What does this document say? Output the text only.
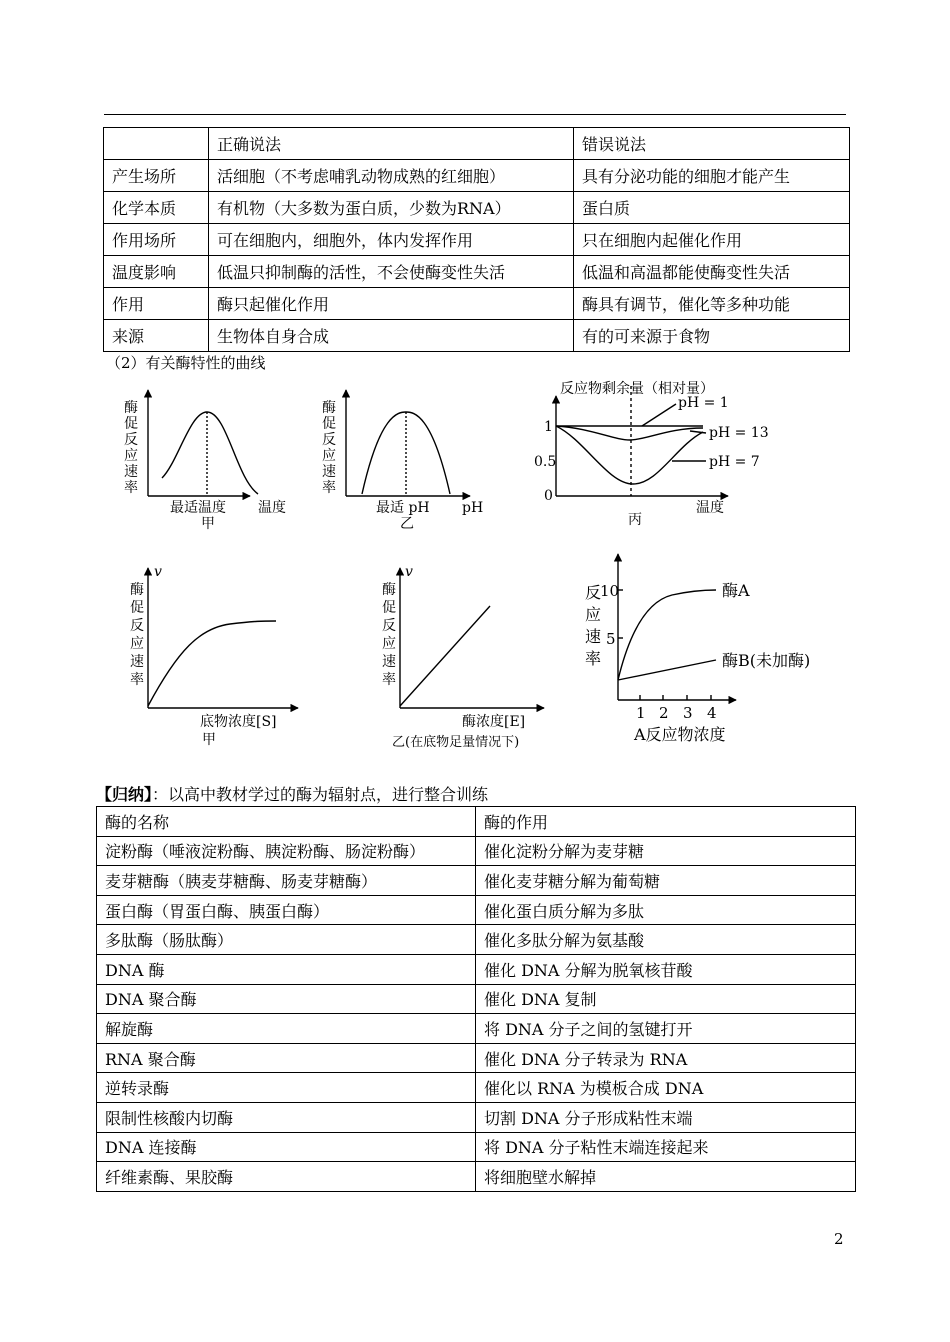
	正确说法	错误说法
产生场所	活细胞（不考虑哺乳动物成熟的红细胞）	具有分泌功能的细胞才能产生
化学本质	有机物（大多数为蛋白质，少数为RNA）	蛋白质
作用场所	可在细胞内，细胞外，体内发挥作用	只在细胞内起催化作用
温度影响	低温只抑制酶的活性，不会使酶变性失活	低温和高温都能使酶变性失活
作用	酶只起催化作用	酶具有调节，催化等多种功能
来源	生物体自身合成	有的可来源于食物
（2）有关酶特性的曲线
酶
促
反
应
速
率
最适温度 温度
甲
酶
促
反
应
速
率
最适 pH pH
乙
反应物剩余量（相对量）
1
0.5
0
pH = 1
pH = 13
pH = 7
温度
丙
v
酶
促
反
应
速
率
底物浓度[S]
甲
v
酶
促
反
应
速
率
酶浓度[E]
乙(在底物足量情况下)
反
应
速
率
10
5
1 2 3 4
A反应物浓度
酶A
酶B(未加酶)
【归纳】：以高中教材学过的酶为辐射点，进行整合训练
酶的名称	酶的作用
淀粉酶（唾液淀粉酶、胰淀粉酶、肠淀粉酶）	催化淀粉分解为麦芽糖
麦芽糖酶（胰麦芽糖酶、肠麦芽糖酶）	催化麦芽糖分解为葡萄糖
蛋白酶（胃蛋白酶、胰蛋白酶）	催化蛋白质分解为多肽
多肽酶（肠肽酶）	催化多肽分解为氨基酸
DNA 酶	催化 DNA 分解为脱氧核苷酸
DNA 聚合酶	催化 DNA 复制
解旋酶	将 DNA 分子之间的氢键打开
RNA 聚合酶	催化 DNA 分子转录为 RNA
逆转录酶	催化以 RNA 为模板合成 DNA
限制性核酸内切酶	切割 DNA 分子形成粘性末端
DNA 连接酶	将 DNA 分子粘性末端连接起来
纤维素酶、果胶酶	将细胞壁水解掉
2
